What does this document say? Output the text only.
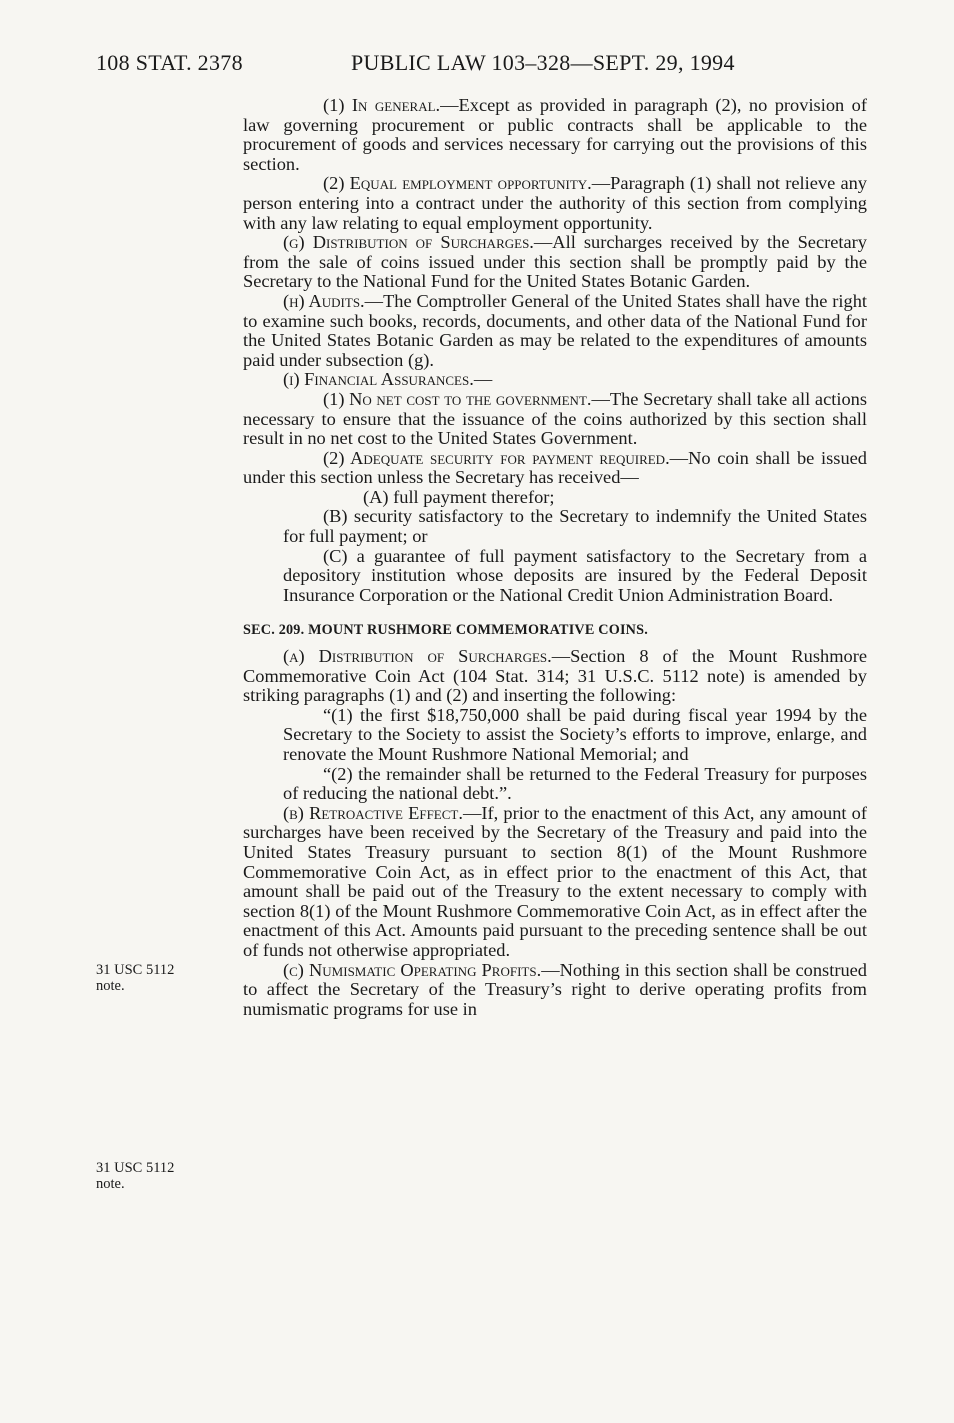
108 STAT. 2378	PUBLIC LAW 103–328—SEPT. 29, 1994
31 USC 5112
note.
31 USC 5112
note.

(1) In general.—Except as provided in paragraph (2), no provision of law governing procurement or public contracts shall be applicable to the procurement of goods and services necessary for carrying out the provisions of this section.

(2) Equal employment opportunity.—Paragraph (1) shall not relieve any person entering into a contract under the authority of this section from complying with any law relating to equal employment opportunity.

(g) Distribution of Surcharges.—All surcharges received by the Secretary from the sale of coins issued under this section shall be promptly paid by the Secretary to the National Fund for the United States Botanic Garden.

(h) Audits.—The Comptroller General of the United States shall have the right to examine such books, records, documents, and other data of the National Fund for the United States Botanic Garden as may be related to the expenditures of amounts paid under subsection (g).

(i) Financial Assurances.—

(1) No net cost to the government.—The Secretary shall take all actions necessary to ensure that the issuance of the coins authorized by this section shall result in no net cost to the United States Government.

(2) Adequate security for payment required.—No coin shall be issued under this section unless the Secretary has received—

(A) full payment therefor;

(B) security satisfactory to the Secretary to indemnify the United States for full payment; or

(C) a guarantee of full payment satisfactory to the Secretary from a depository institution whose deposits are insured by the Federal Deposit Insurance Corporation or the National Credit Union Administration Board.

SEC. 209. MOUNT RUSHMORE COMMEMORATIVE COINS.

(a) Distribution of Surcharges.—Section 8 of the Mount Rushmore Commemorative Coin Act (104 Stat. 314; 31 U.S.C. 5112 note) is amended by striking paragraphs (1) and (2) and inserting the following:

“(1) the first $18,750,000 shall be paid during fiscal year 1994 by the Secretary to the Society to assist the Society’s efforts to improve, enlarge, and renovate the Mount Rushmore National Memorial; and

“(2) the remainder shall be returned to the Federal Treasury for purposes of reducing the national debt.”.

(b) Retroactive Effect.—If, prior to the enactment of this Act, any amount of surcharges have been received by the Secretary of the Treasury and paid into the United States Treasury pursuant to section 8(1) of the Mount Rushmore Commemorative Coin Act, as in effect prior to the enactment of this Act, that amount shall be paid out of the Treasury to the extent necessary to comply with section 8(1) of the Mount Rushmore Commemorative Coin Act, as in effect after the enactment of this Act. Amounts paid pursuant to the preceding sentence shall be out of funds not otherwise appropriated.

(c) Numismatic Operating Profits.—Nothing in this section shall be construed to affect the Secretary of the Treasury’s right to derive operating profits from numismatic programs for use in
